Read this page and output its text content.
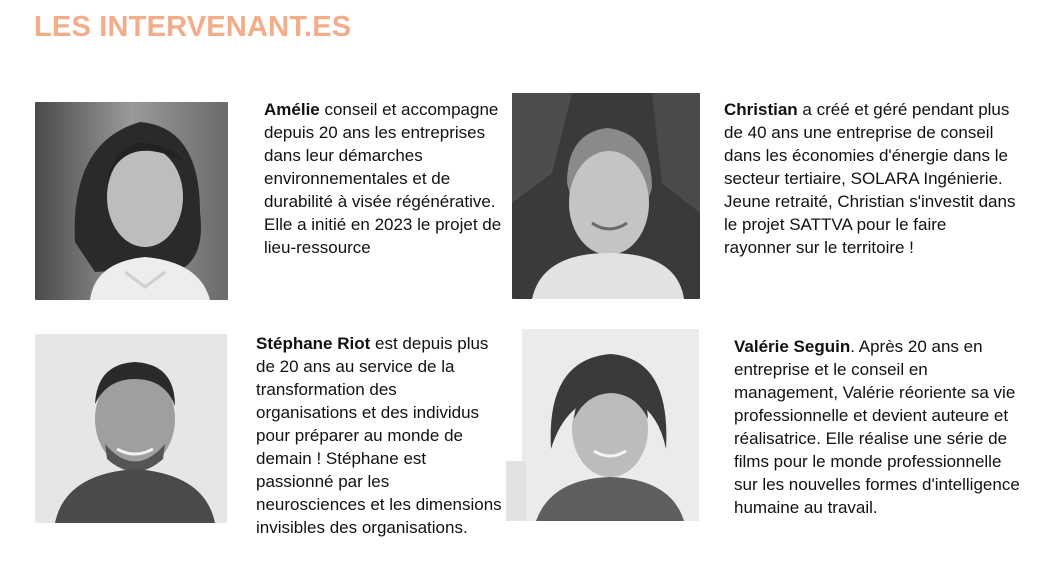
LES INTERVENANT.ES

Amélie conseil et accompagne depuis 20 ans les entreprises dans leur démarches environnementales et de durabilité à visée régénérative. Elle a initié en 2023 le projet de lieu-ressource

Christian a créé et géré pendant plus de 40 ans une entreprise de conseil dans les économies d'énergie dans le secteur tertiaire, SOLARA Ingénierie. Jeune retraité, Christian s'investit dans le projet SATTVA pour le faire rayonner sur le territoire !

Stéphane Riot est depuis plus de 20 ans au service de la transformation des organisations et des individus pour préparer au monde de demain ! Stéphane est passionné par les neurosciences et les dimensions invisibles des organisations.

Valérie Seguin. Après 20 ans en entreprise et le conseil en management, Valérie réoriente sa vie professionnelle et devient auteure et réalisatrice. Elle réalise une série de films pour le monde professionnelle sur les nouvelles formes d'intelligence humaine au travail.
